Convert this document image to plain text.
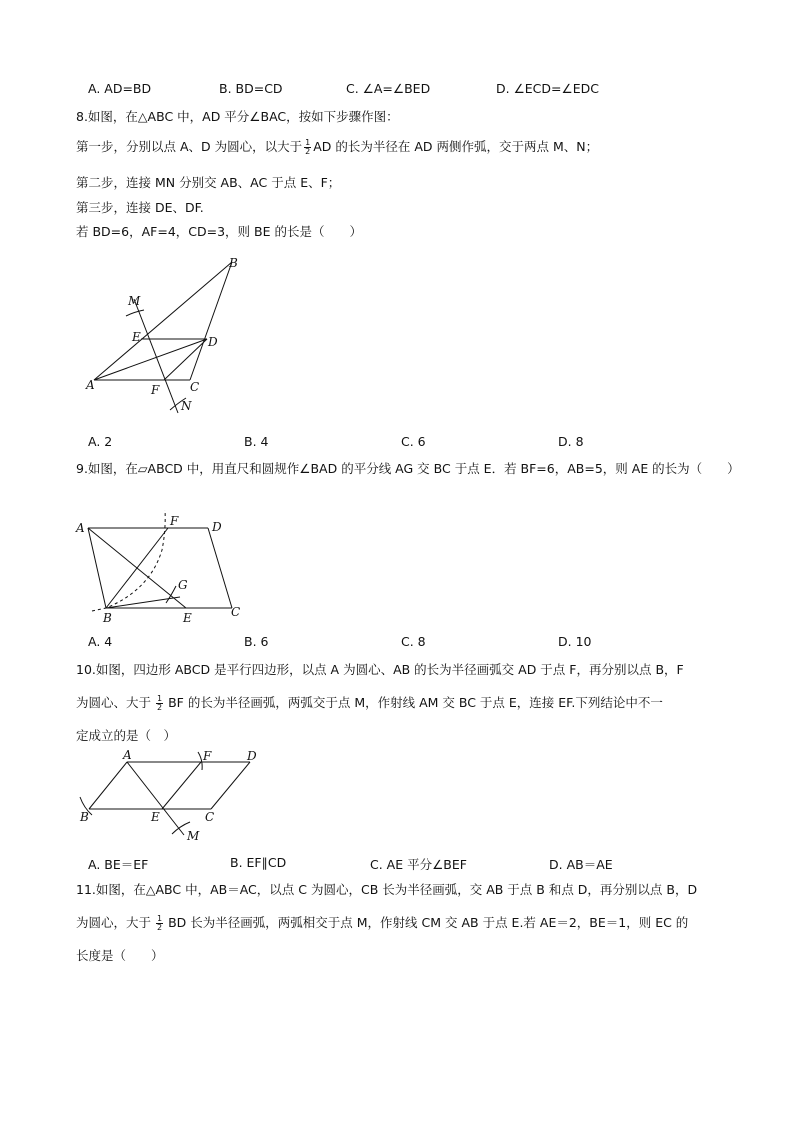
A. AD=BD	B. BD=CD	C. ∠A=∠BED	D. ∠ECD=∠EDC
8.如图，在△ABC 中，AD 平分∠BAC，按如下步骤作图：
第一步，分别以点 A、D 为圆心，以大于 $\frac{1}{2}$ AD 的长为半径在 AD 两侧作弧，交于两点 M、N；
第二步，连接 MN 分别交 AB、AC 于点 E、F；
第三步，连接 DE、DF.
若 BD=6，AF=4，CD=3，则 BE 的长是（　　）
B
M
E	D
A	F	C
N
A. 2	B. 4	C. 6	D. 8
9.如图，在▱ABCD 中，用直尺和圆规作∠BAD 的平分线 AG 交 BC 于点 E．若 BF=6，AB=5，则 AE 的长为（　　）
A	F	D
G
B	E	C
A. 4	B. 6	C. 8	D. 10
10.如图，四边形 ABCD 是平行四边形，以点 A 为圆心、AB 的长为半径画弧交 AD 于点 F，再分别以点 B，F
为圆心、大于 $\frac{1}{2}$ BF 的长为半径画弧，两弧交于点 M，作射线 AM 交 BC 于点 E，连接 EF.下列结论中不一
定成立的是（　）
A	F	D
B	E	C
M
A. BE＝EF	B. EF∥CD	C. AE 平分∠BEF	D. AB＝AE
11.如图，在△ABC 中，AB＝AC，以点 C 为圆心，CB 长为半径画弧，交 AB 于点 B 和点 D，再分别以点 B，D
为圆心，大于 $\frac{1}{2}$ BD 长为半径画弧，两弧相交于点 M，作射线 CM 交 AB 于点 E.若 AE＝2，BE＝1，则 EC 的
长度是（　　）
